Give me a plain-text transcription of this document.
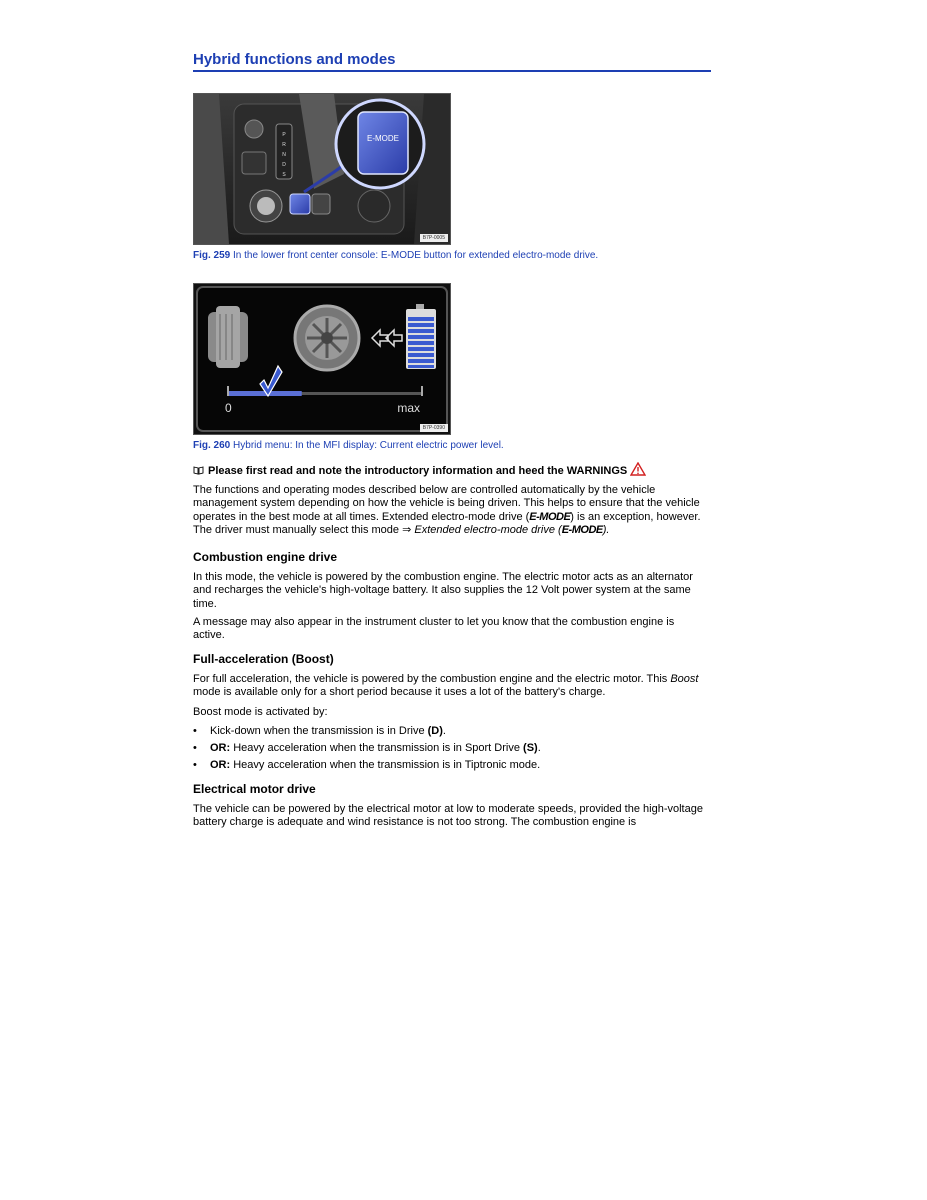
Hybrid functions and modes
P
R
N
D
S
E-MODE
B7P-0005
Fig. 259 In the lower front center console: E-MODE button for extended electro-mode drive.
0	max
B7P-0390
Fig. 260 Hybrid menu: In the MFI display: Current electric power level.
Please first read and note the introductory information and heed the WARNINGS
The functions and operating modes described below are controlled automatically by the vehicle management system depending on how the vehicle is being driven. This helps to ensure that the vehicle operates in the best mode at all times. Extended electro-mode drive (E-MODE) is an exception, however. The driver must manually select this mode ⇒ Extended electro-mode drive (E-MODE).
Combustion engine drive
In this mode, the vehicle is powered by the combustion engine. The electric motor acts as an alternator and recharges the vehicle's high-voltage battery. It also supplies the 12 Volt power system at the same time.
A message may also appear in the instrument cluster to let you know that the combustion engine is active.
Full-acceleration (Boost)
For full acceleration, the vehicle is powered by the combustion engine and the electric motor. This Boost mode is available only for a short period because it uses a lot of the battery's charge.
Boost mode is activated by:
• Kick-down when the transmission is in Drive (D).
• OR: Heavy acceleration when the transmission is in Sport Drive (S).
• OR: Heavy acceleration when the transmission is in Tiptronic mode.
Electrical motor drive
The vehicle can be powered by the electrical motor at low to moderate speeds, provided the high-voltage battery charge is adequate and wind resistance is not too strong. The combustion engine is
